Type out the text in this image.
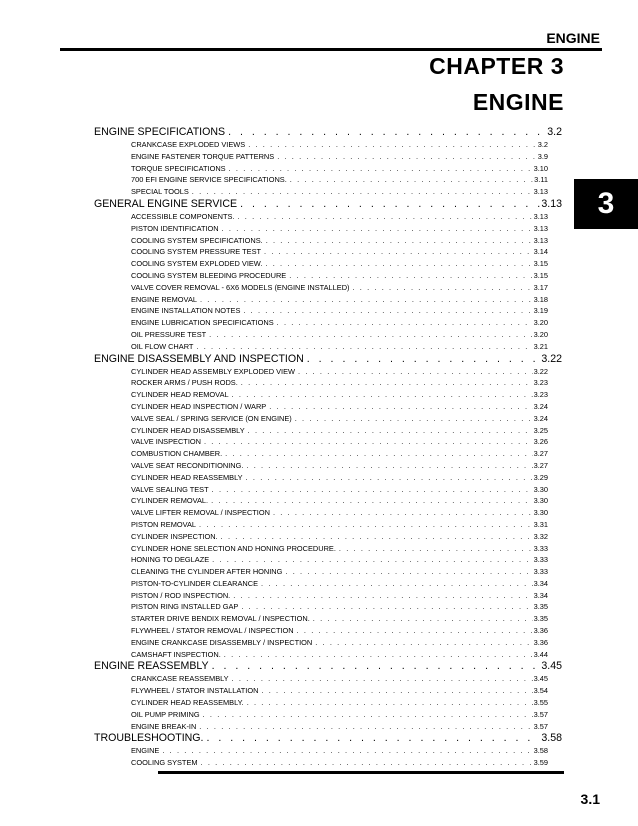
ENGINE
CHAPTER 3
ENGINE
3
ENGINE SPECIFICATIONS . . .	3.2
CRANKCASE EXPLODED VIEWS . . .	3.2
ENGINE FASTENER TORQUE PATTERNS . . .	3.9
TORQUE SPECIFICATIONS . . .	3.10
700 EFI ENGINE SERVICE SPECIFICATIONS. . . .	3.11
SPECIAL TOOLS . . .	3.13
GENERAL ENGINE SERVICE . . .	3.13
ACCESSIBLE COMPONENTS. . . .	3.13
PISTON IDENTIFICATION . . .	3.13
COOLING SYSTEM SPECIFICATIONS. . . .	3.13
COOLING SYSTEM PRESSURE TEST . . .	3.14
COOLING SYSTEM EXPLODED VIEW. . . .	3.15
COOLING SYSTEM BLEEDING PROCEDURE . . .	3.15
VALVE COVER REMOVAL - 6X6 MODELS (ENGINE INSTALLED) . . .	3.17
ENGINE REMOVAL . . .	3.18
ENGINE INSTALLATION NOTES . . .	3.19
ENGINE LUBRICATION SPECIFICATIONS . . .	3.20
OIL PRESSURE TEST . . .	3.20
OIL FLOW CHART . . .	3.21
ENGINE DISASSEMBLY AND INSPECTION . . .	3.22
CYLINDER HEAD ASSEMBLY EXPLODED VIEW . . .	3.22
ROCKER ARMS / PUSH RODS. . . .	3.23
CYLINDER HEAD REMOVAL . . .	3.23
CYLINDER HEAD INSPECTION / WARP . . .	3.24
VALVE SEAL / SPRING SERVICE (ON ENGINE) . . .	3.24
CYLINDER HEAD DISASSEMBLY . . .	3.25
VALVE INSPECTION . . .	3.26
COMBUSTION CHAMBER. . . .	3.27
VALVE SEAT RECONDITIONING. . . .	3.27
CYLINDER HEAD REASSEMBLY . . .	3.29
VALVE SEALING TEST . . .	3.30
CYLINDER REMOVAL. . . .	3.30
VALVE LIFTER REMOVAL / INSPECTION . . .	3.30
PISTON REMOVAL . . .	3.31
CYLINDER INSPECTION. . . .	3.32
CYLINDER HONE SELECTION AND HONING PROCEDURE. . . .	3.33
HONING TO DEGLAZE . . .	3.33
CLEANING THE CYLINDER AFTER HONING . . .	3.33
PISTON-TO-CYLINDER CLEARANCE . . .	3.34
PISTON / ROD INSPECTION. . . .	3.34
PISTON RING INSTALLED GAP . . .	3.35
STARTER DRIVE BENDIX REMOVAL / INSPECTION. . . .	3.35
FLYWHEEL / STATOR REMOVAL / INSPECTION . . .	3.36
ENGINE CRANKCASE DISASSEMBLY / INSPECTION . . .	3.36
CAMSHAFT INSPECTION. . . .	3.44
ENGINE REASSEMBLY . . .	3.45
CRANKCASE REASSEMBLY . . .	3.45
FLYWHEEL / STATOR INSTALLATION . . .	3.54
CYLINDER HEAD REASSEMBLY. . . .	3.55
OIL PUMP PRIMING . . .	3.57
ENGINE BREAK-IN . . .	3.57
TROUBLESHOOTING. . . .	3.58
ENGINE . . .	3.58
COOLING SYSTEM . . .	3.59
3.1
